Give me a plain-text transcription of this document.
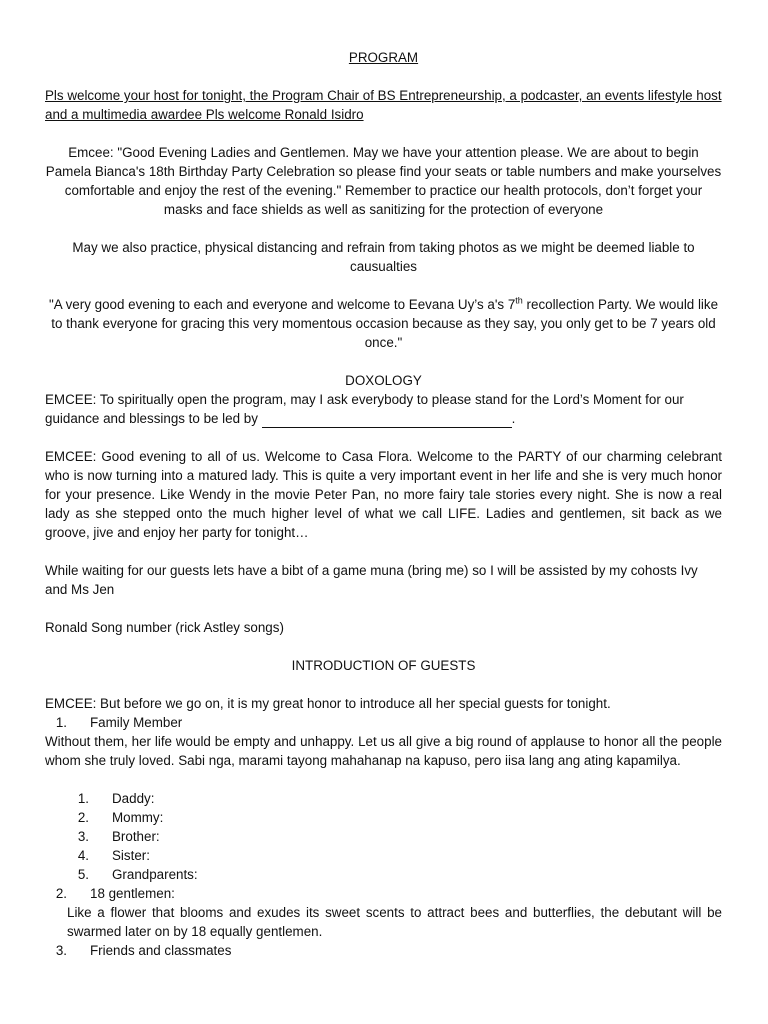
PROGRAM

Pls welcome your host for tonight, the Program Chair of BS Entrepreneurship, a podcaster, an events lifestyle host and a multimedia awardee Pls welcome Ronald Isidro

Emcee: "Good Evening Ladies and Gentlemen. May we have your attention please. We are about to begin Pamela Bianca's 18th Birthday Party Celebration so please find your seats or table numbers and make yourselves comfortable and enjoy the rest of the evening." Remember to practice our health protocols, don’t forget your masks and face shields as well as sanitizing for the protection of everyone

May we also practice, physical distancing and refrain from taking photos as we might be deemed liable to causualties

"A very good evening to each and everyone and welcome to Eevana Uy’s a's 7th recollection Party. We would like to thank everyone for gracing this very momentous occasion because as they say, you only get to be 7 years old once."

DOXOLOGY

EMCEE: To spiritually open the program, may I ask everybody to please stand for the Lord’s Moment for our guidance and blessings to be led by	.

EMCEE: Good evening to all of us. Welcome to Casa Flora. Welcome to the PARTY of our charming celebrant who is now turning into a matured lady. This is quite a very important event in her life and she is very much honor for your presence. Like Wendy in the movie Peter Pan, no more fairy tale stories every night. She is now a real lady as she stepped onto the much higher level of what we call LIFE. Ladies and gentlemen, sit back as we groove, jive and enjoy her party for tonight…

While waiting for our guests lets have a bibt of a game muna (bring me) so I will be assisted by my cohosts Ivy and Ms Jen

Ronald Song number (rick Astley songs)

INTRODUCTION OF GUESTS

EMCEE: But before we go on, it is my great honor to introduce all her special guests for tonight.

1.	Family Member

Without them, her life would be empty and unhappy. Let us all give a big round of applause to honor all the people whom she truly loved. Sabi nga, marami tayong mahahanap na kapuso, pero iisa lang ang ating kapamilya.

1.	Daddy:
2.	Mommy:
3.	Brother:
4.	Sister:
5.	Grandparents:
2.	18 gentlemen:

Like a flower that blooms and exudes its sweet scents to attract bees and butterflies, the debutant will be swarmed later on by 18 equally gentlemen.

3.	Friends and classmates
